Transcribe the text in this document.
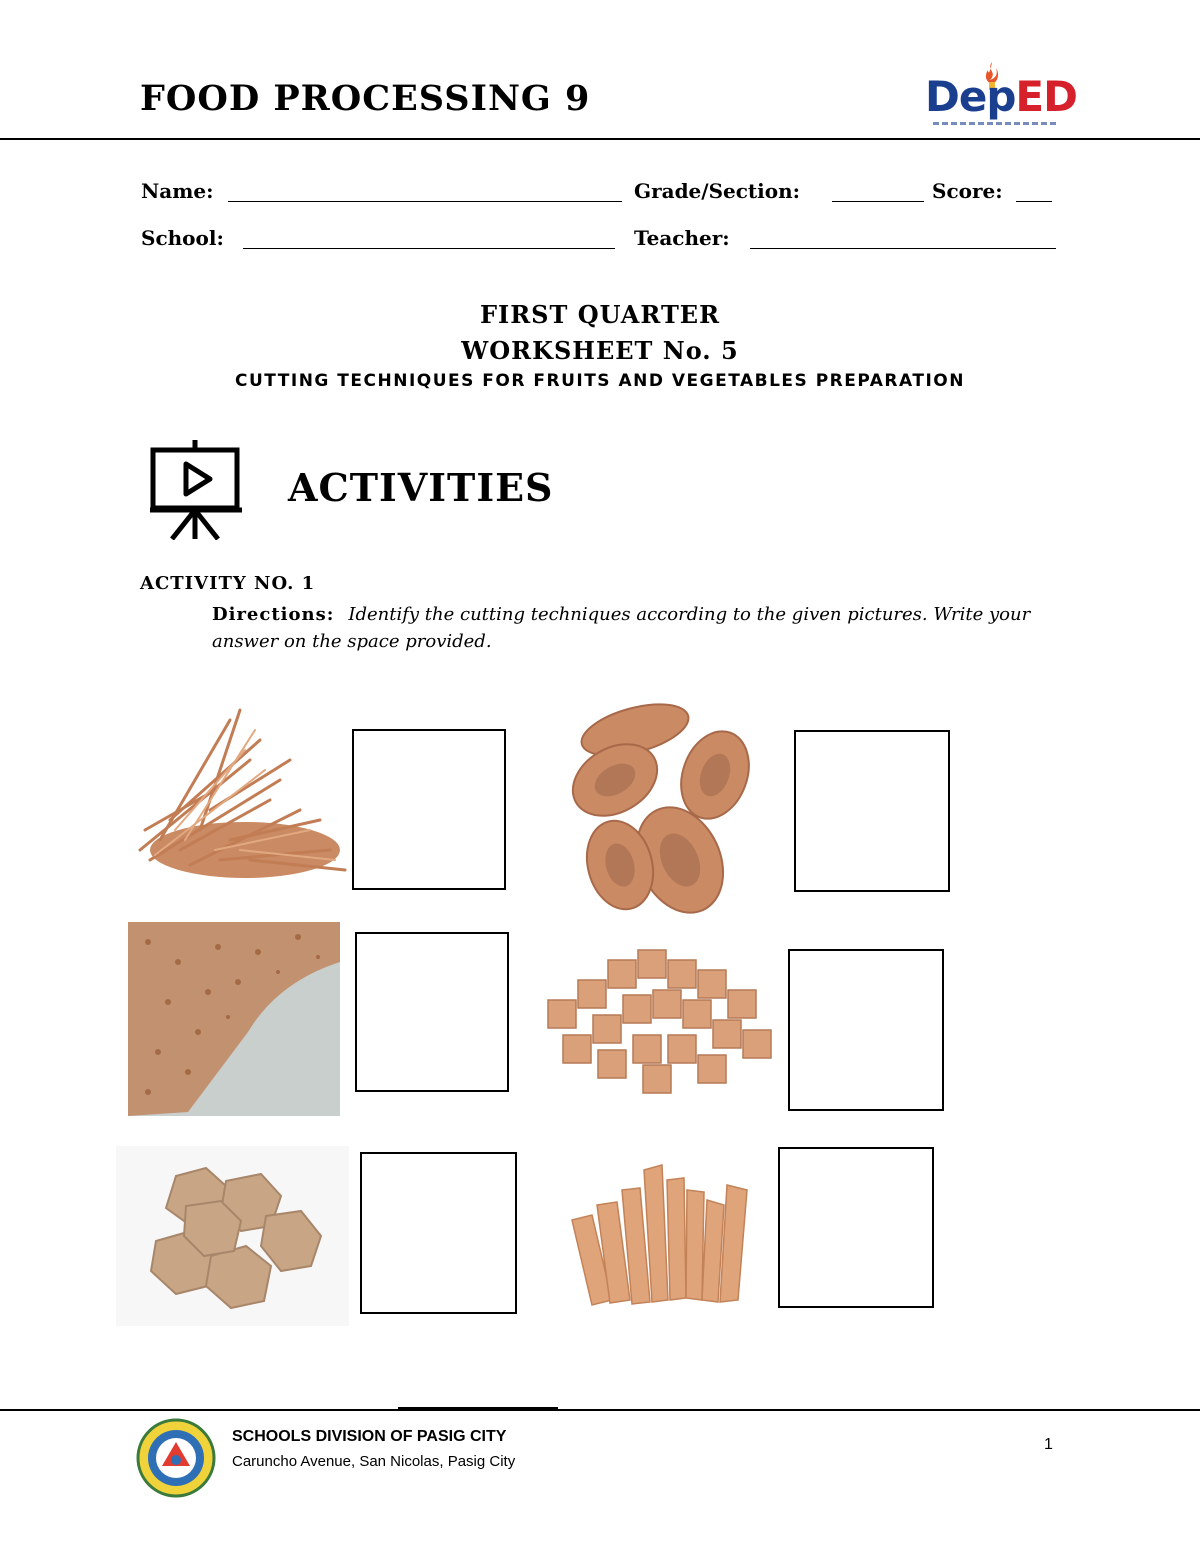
FOOD PROCESSING 9	DepED
Name:	Grade/Section:	Score:
School:	Teacher:
FIRST QUARTER
WORKSHEET No. 5
CUTTING TECHNIQUES FOR FRUITS AND VEGETABLES PREPARATION
ACTIVITIES
ACTIVITY NO. 1
Directions: Identify the cutting techniques according to the given pictures. Write your answer on the space provided.
SCHOOLS DIVISION OF PASIG CITY
Caruncho Avenue, San Nicolas, Pasig City
1
